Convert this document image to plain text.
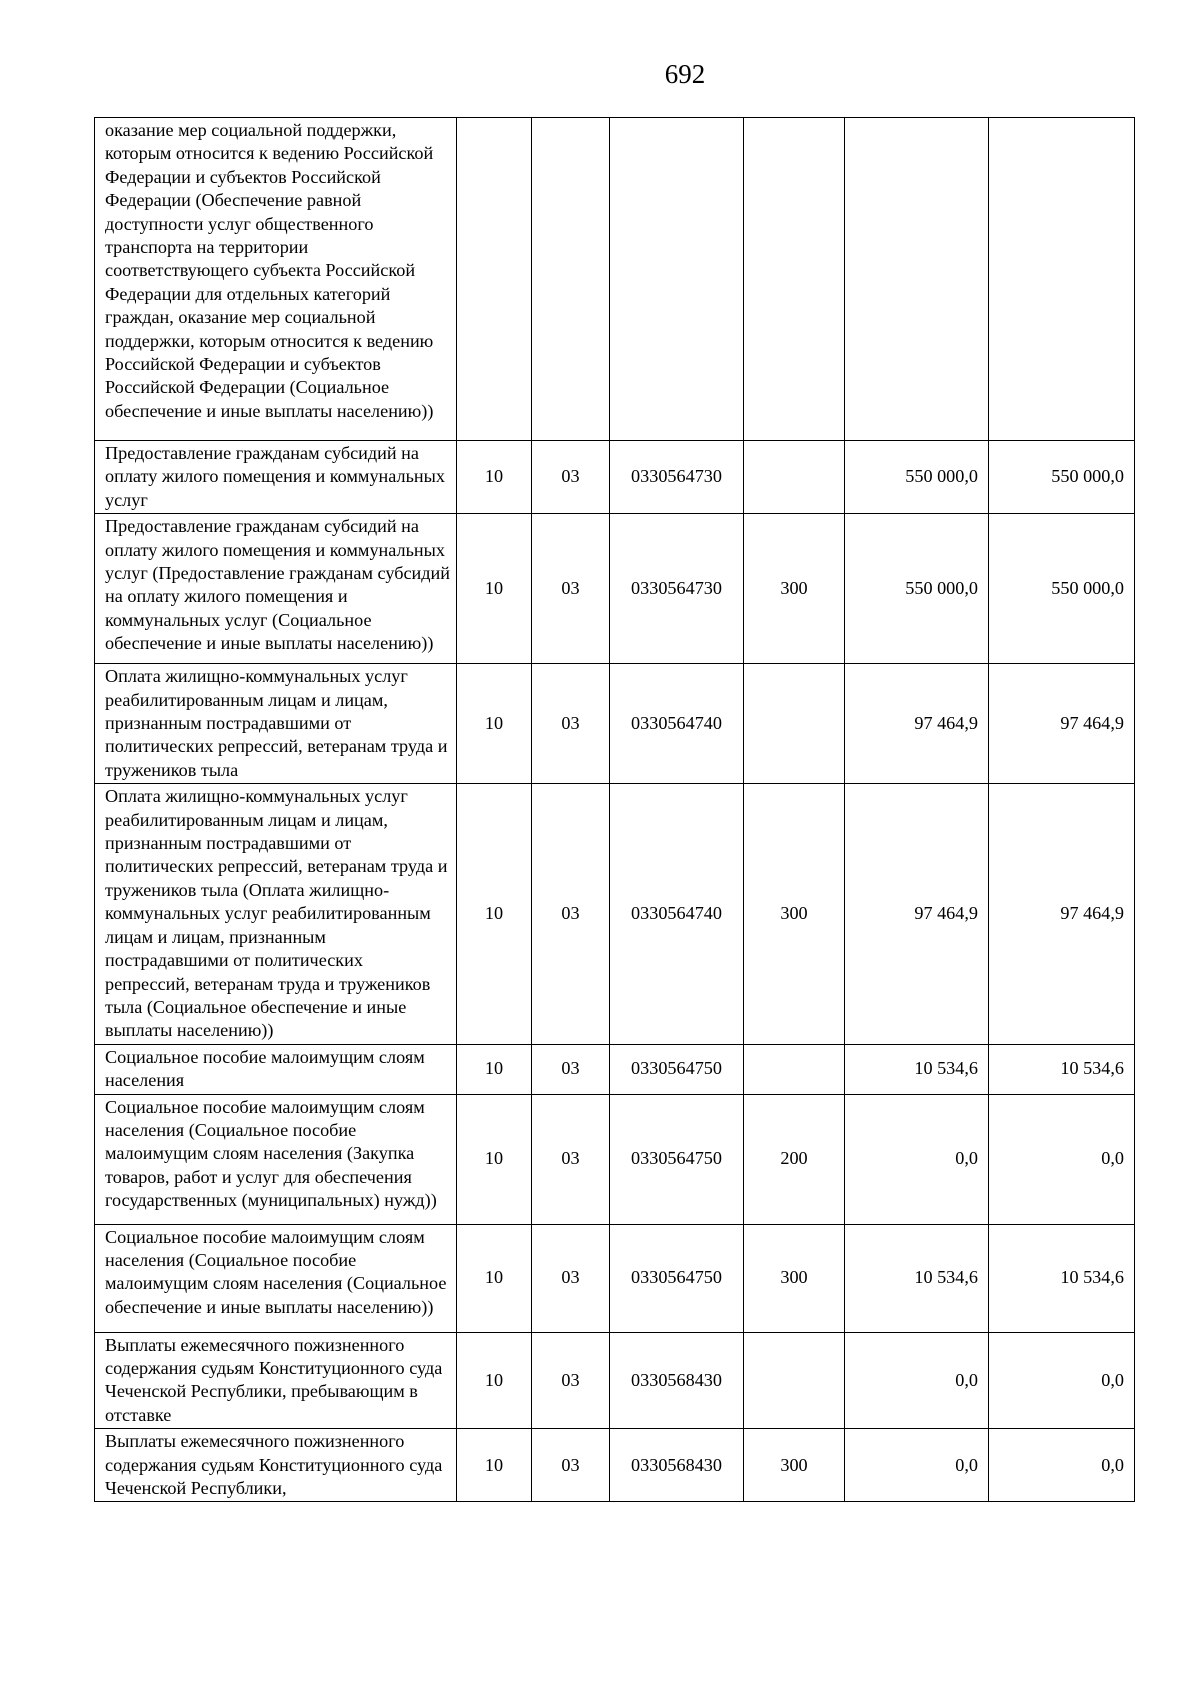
692
оказание мер социальной поддержки, которым относится к ведению Российской Федерации и субъектов Российской Федерации (Обеспечение равной доступности услуг общественного транспорта на территории соответствующего субъекта Российской Федерации для отдельных категорий граждан, оказание мер социальной поддержки, которым относится к ведению Российской Федерации и субъектов Российской Федерации (Социальное обеспечение и иные выплаты населению))						
Предоставление гражданам субсидий на оплату жилого помещения и коммунальных услуг	10	03	0330564730		550 000,0	550 000,0
Предоставление гражданам субсидий на оплату жилого помещения и коммунальных услуг (Предоставление гражданам субсидий на оплату жилого помещения и коммунальных услуг (Социальное обеспечение и иные выплаты населению))	10	03	0330564730	300	550 000,0	550 000,0
Оплата жилищно-коммунальных услуг реабилитированным лицам и лицам, признанным пострадавшими от политических репрессий, ветеранам труда и тружеников тыла	10	03	0330564740		97 464,9	97 464,9
Оплата жилищно-коммунальных услуг реабилитированным лицам и лицам, признанным пострадавшими от политических репрессий, ветеранам труда и тружеников тыла (Оплата жилищно-коммунальных услуг реабилитированным лицам и лицам, признанным пострадавшими от политических репрессий, ветеранам труда и тружеников тыла (Социальное обеспечение и иные выплаты населению))	10	03	0330564740	300	97 464,9	97 464,9
Социальное пособие малоимущим слоям населения	10	03	0330564750		10 534,6	10 534,6
Социальное пособие малоимущим слоям населения (Социальное пособие малоимущим слоям населения (Закупка товаров, работ и услуг для обеспечения государственных (муниципальных) нужд))	10	03	0330564750	200	0,0	0,0
Социальное пособие малоимущим слоям населения (Социальное пособие малоимущим слоям населения (Социальное обеспечение и иные выплаты населению))	10	03	0330564750	300	10 534,6	10 534,6
Выплаты ежемесячного пожизненного содержания судьям Конституционного суда Чеченской Республики, пребывающим в отставке	10	03	0330568430		0,0	0,0
Выплаты ежемесячного пожизненного содержания судьям Конституционного суда Чеченской Республики,	10	03	0330568430	300	0,0	0,0
